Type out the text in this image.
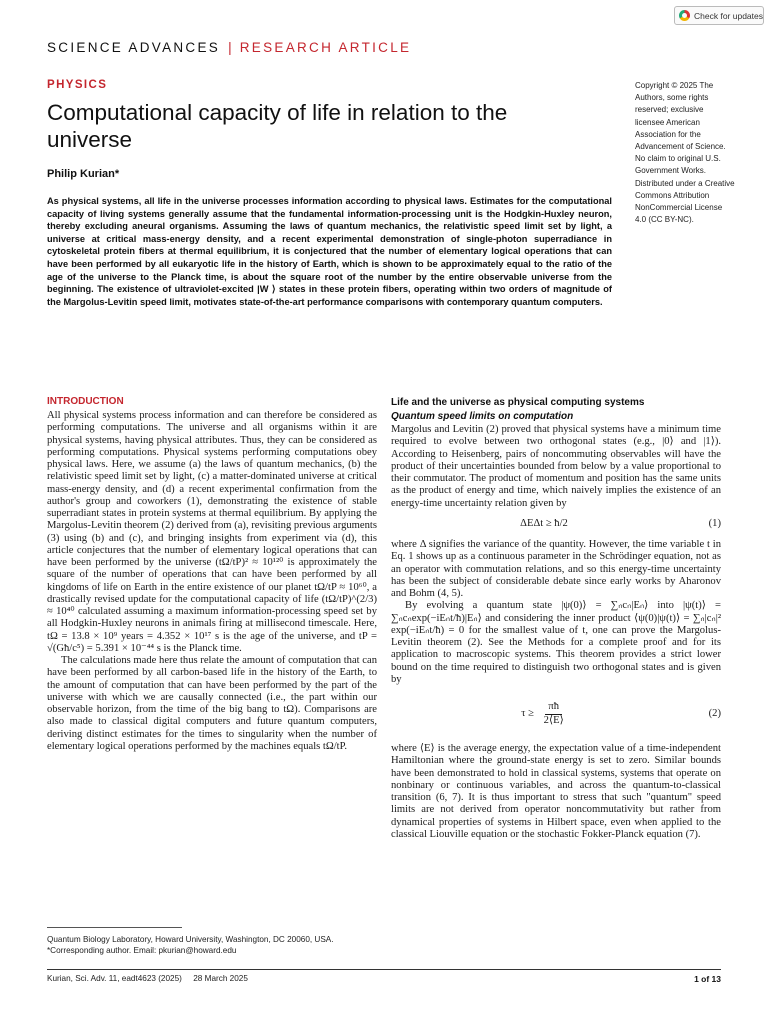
Check for updates
SCIENCE ADVANCES | RESEARCH ARTICLE
PHYSICS
Computational capacity of life in relation to the universe
Philip Kurian*
As physical systems, all life in the universe processes information according to physical laws. Estimates for the computational capacity of living systems generally assume that the fundamental information-processing unit is the Hodgkin-Huxley neuron, thereby excluding aneural organisms. Assuming the laws of quantum mechanics, the relativistic speed limit set by light, a universe at critical mass-energy density, and a recent experimental demonstration of single-photon superradiance in cytoskeletal protein fibers at thermal equilibrium, it is conjectured that the number of elementary logical operations that can have been performed by all eukaryotic life in the history of Earth, which is shown to be approximately equal to the ratio of the age of the universe to the Planck time, is about the square root of the number by the entire observable universe from the beginning. The existence of ultraviolet-excited |W ⟩ states in these protein fibers, operating within two orders of magnitude of the Margolus-Levitin speed limit, motivates state-of-the-art performance comparisons with contemporary quantum computers.
Copyright © 2025 The Authors, some rights reserved; exclusive licensee American Association for the Advancement of Science. No claim to original U.S. Government Works. Distributed under a Creative Commons Attribution NonCommercial License 4.0 (CC BY-NC).
INTRODUCTION

All physical systems process information and can therefore be considered as performing computations. The universe and all organisms within it are physical systems, having physical attributes. Thus, they can be considered as performing computations. Physical systems performing computations obey physical laws. Here, we assume (a) the laws of quantum mechanics, (b) the relativistic speed limit set by light, (c) a matter-dominated universe at critical mass-energy density, and (d) a recent experimental confirmation from the author's group and coworkers (1), demonstrating the existence of stable superradiant states in protein systems at thermal equilibrium. By applying the Margolus-Levitin theorem (2) derived from (a), revisiting previous arguments (3) using (b) and (c), and bringing insights from experiment via (d), this article conjectures that the number of elementary logical operations that can have been performed by the universe (tΩ/tP)² ≈ 10¹²⁰ is approximately the square of the number of operations that can have been performed by all kingdoms of life on Earth in the entire existence of our planet tΩ/tP ≈ 10⁶⁰, a drastically revised update for the computational capacity of life (tΩ/tP)^(2/3) ≈ 10⁴⁰ calculated assuming a maximum information-processing speed set by all Hodgkin-Huxley neurons in animals firing at millisecond timescale. Here, tΩ = 13.8 × 10⁹ years = 4.352 × 10¹⁷ s is the age of the universe, and tP = √(Għ/c⁵) = 5.391 × 10⁻⁴⁴ s is the Planck time.

The calculations made here thus relate the amount of computation that can have been performed by all carbon-based life in the history of the Earth, to the amount of computation that can have been performed by the part of the universe with which we are causally connected (i.e., the part within our observable horizon, from the time of the big bang to tΩ). Comparisons are also made to classical digital computers and future quantum computers, deriving distinct estimates for the times to singularity when the number of elementary logical operations performed by the machines equals tΩ/tP.

Life and the universe as physical computing systems
Quantum speed limits on computation

Margolus and Levitin (2) proved that physical systems have a minimum time required to evolve between two orthogonal states (e.g., |0⟩ and |1⟩). According to Heisenberg, pairs of noncommuting observables will have the product of their uncertainties bounded from below by a value proportional to their commutator. The product of momentum and position has the same units as the product of energy and time, which naively implies the existence of an energy-time uncertainty relation given by

ΔEΔt ≥ ħ/2	(1)

where Δ signifies the variance of the quantity. However, the time variable t in Eq. 1 shows up as a continuous parameter in the Schrödinger equation, not as an operator with commutation relations, and so this energy-time uncertainty has been the subject of considerable debate since early works by Aharonov and Bohm (4, 5).

By evolving a quantum state |ψ(0)⟩ = ∑ₙcₙ|Eₙ⟩ into |ψ(t)⟩ = ∑ₙcₙexp(−iEₙt/ħ)|Eₙ⟩ and considering the inner product ⟨ψ(0)|ψ(t)⟩ = ∑ₙ|cₙ|² exp(−iEₙt/ħ) = 0 for the smallest value of t, one can prove the Margolus-Levitin theorem (2). See the Methods for a complete proof and for its application to macroscopic systems. This theorem provides a strict lower bound on the time required to distinguish two orthogonal states and is given by

$\tau \ge \frac{\pi ħ}{2⟨E⟩}$	(2)

where ⟨E⟩ is the average energy, the expectation value of a time-independent Hamiltonian where the ground-state energy is set to zero. Similar bounds have been demonstrated to hold in classical systems, systems that operate on nonbinary or continuous variables, and across the quantum-to-classical transition (6, 7). It is thus important to stress that such "quantum" speed limits are not derived from operator noncommutativity but rather from dynamical properties of systems in Hilbert space, even when applied to the classical Liouville equation or the stochastic Fokker-Planck equation (7).

Quantum Biology Laboratory, Howard University, Washington, DC 20060, USA.
*Corresponding author. Email: pkurian@howard.edu
Kurian, Sci. Adv. 11, eadt4623 (2025)     28 March 2025	1 of 13
